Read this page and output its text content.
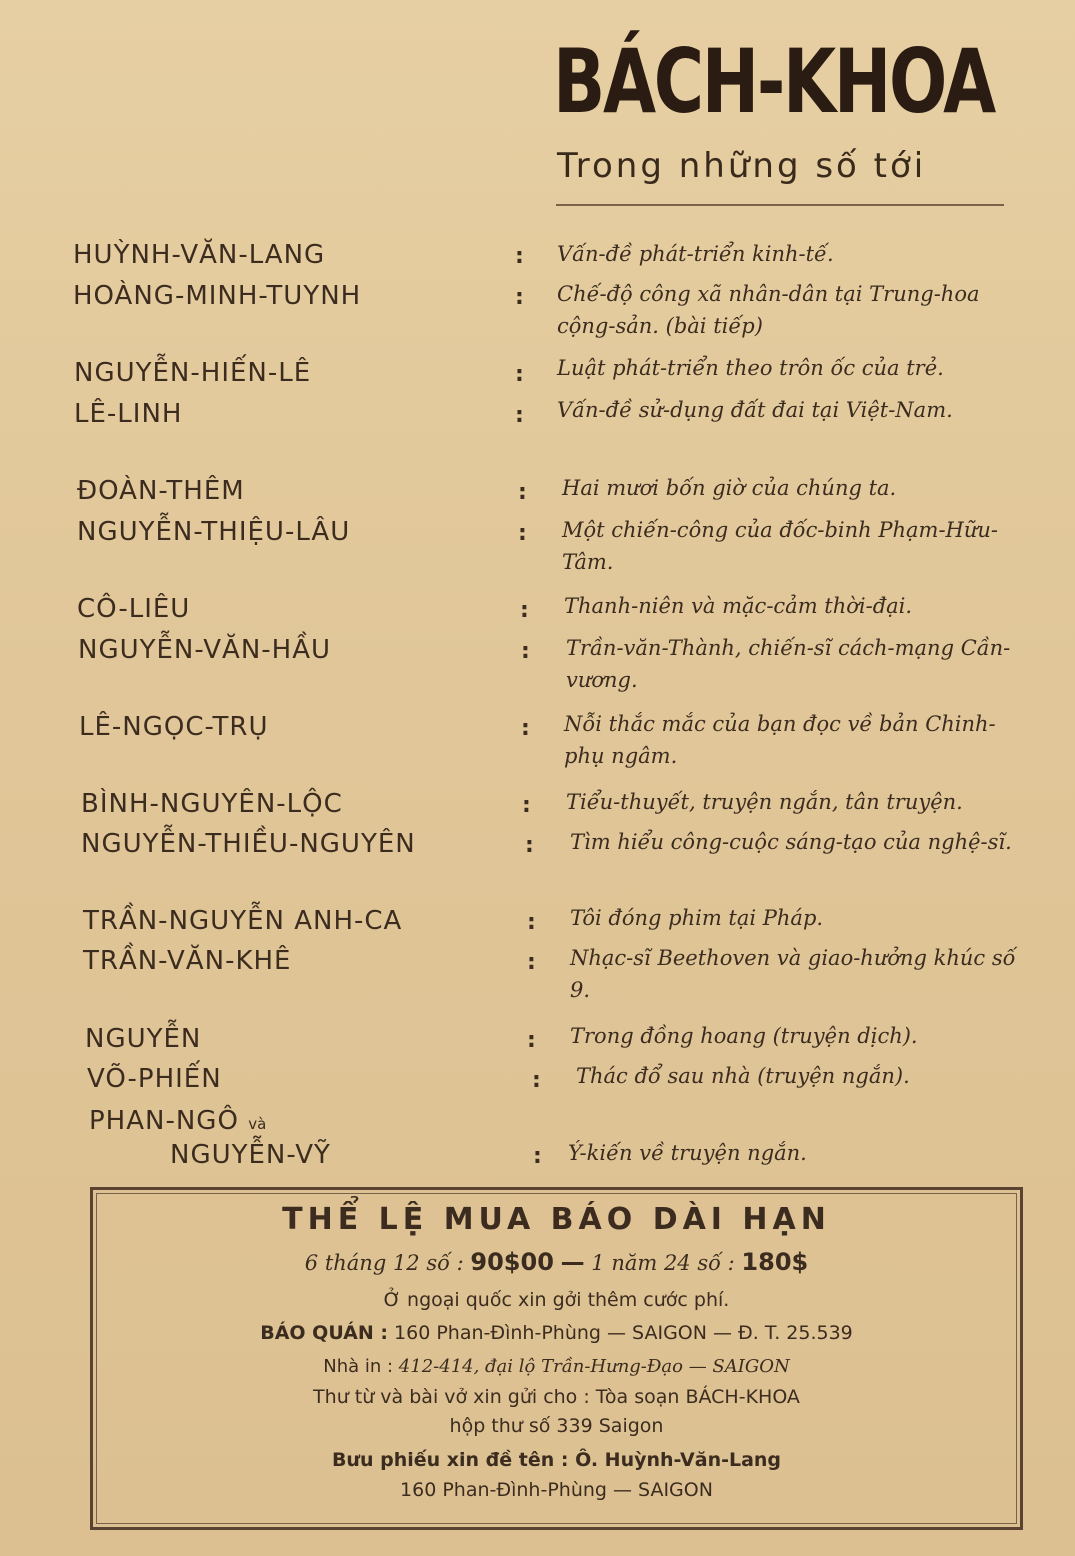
BÁCH-KHOA
Trong những số tới
HUỲNH-VĂN-LANG	: Vấn-đề phát-triển kinh-tế.
HOÀNG-MINH-TUYNH	: Chế-độ công xã nhân-dân tại Trung-hoa cộng-sản. (bài tiếp)
NGUYỄN-HIẾN-LÊ	: Luật phát-triển theo trôn ốc của trẻ.
LÊ-LINH	: Vấn-đề sử-dụng đất đai tại Việt-Nam.
ĐOÀN-THÊM	: Hai mươi bốn giờ của chúng ta.
NGUYỄN-THIỆU-LÂU	: Một chiến-công của đốc-binh Phạm-Hữu-Tâm.
CÔ-LIÊU	: Thanh-niên và mặc-cảm thời-đại.
NGUYỄN-VĂN-HẦU	: Trần-văn-Thành, chiến-sĩ cách-mạng Cần-vương.
LÊ-NGỌC-TRỤ	: Nỗi thắc mắc của bạn đọc về bản Chinh-phụ ngâm.
BÌNH-NGUYÊN-LỘC	: Tiểu-thuyết, truyện ngắn, tân truyện.
NGUYỄN-THIỀU-NGUYÊN	: Tìm hiểu công-cuộc sáng-tạo của nghệ-sĩ.
TRẦN-NGUYỄN ANH-CA	: Tôi đóng phim tại Pháp.
TRẦN-VĂN-KHÊ	: Nhạc-sĩ Beethoven và giao-hưởng khúc số 9.
NGUYỄN	: Trong đồng hoang (truyện dịch).
VÕ-PHIẾN	: Thác đổ sau nhà (truyện ngắn).
PHAN-NGÔ và
NGUYỄN-VỸ	: Ý-kiến về truyện ngắn.
THỂ LỆ MUA BÁO DÀI HẠN
6 tháng 12 số : 90$00 — 1 năm 24 số : 180$
Ở ngoại quốc xin gởi thêm cước phí.
BÁO QUÁN : 160 Phan-Đình-Phùng — SAIGON — Đ. T. 25.539
Nhà in : 412-414, đại lộ Trần-Hưng-Đạo — SAIGON
Thư từ và bài vở xin gửi cho : Tòa soạn BÁCH-KHOA
hộp thư số 339 Saigon
Bưu phiếu xin đề tên : Ô. Huỳnh-Văn-Lang
160 Phan-Đình-Phùng — SAIGON
